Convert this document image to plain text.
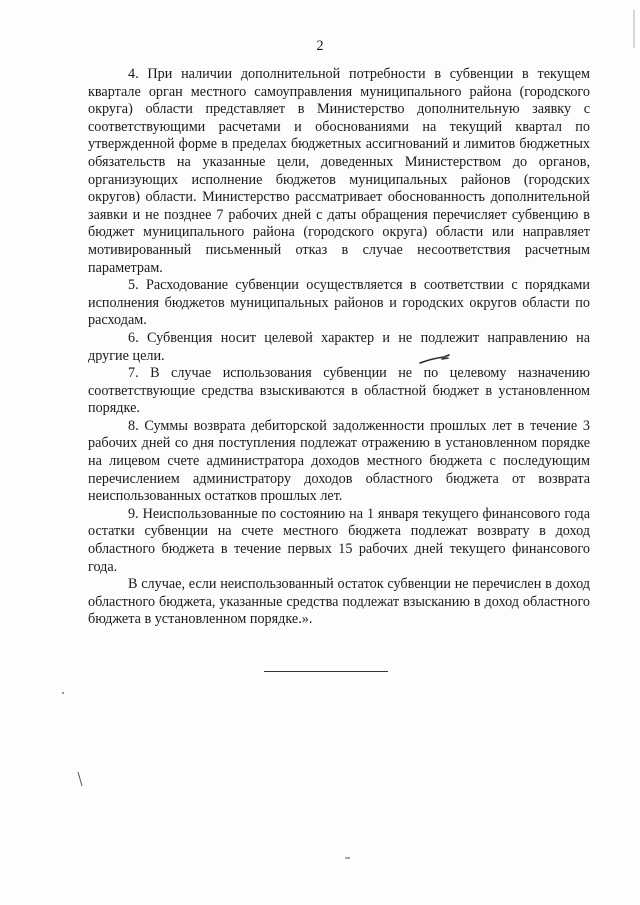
2

4. При наличии дополнительной потребности в субвенции в текущем квартале орган местного самоуправления муниципального района (городского округа) области представляет в Министерство дополнительную заявку с соответствующими расчетами и обоснованиями на текущий квартал по утвержденной форме в пределах бюджетных ассигнований и лимитов бюджетных обязательств на указанные цели, доведенных Министерством до органов, организующих исполнение бюджетов муниципальных районов (городских округов) области. Министерство рассматривает обоснованность дополнительной заявки и не позднее 7 рабочих дней с даты обращения перечисляет субвенцию в бюджет муниципального района (городского округа) области или направляет мотивированный письменный отказ в случае несоответствия расчетным параметрам.

5. Расходование субвенции осуществляется в соответствии с порядками исполнения бюджетов муниципальных районов и городских округов области по расходам.

6. Субвенция носит целевой характер и не подлежит направлению на другие цели.

7. В случае использования субвенции не по целевому назначению соответствующие средства взыскиваются в областной бюджет в установленном порядке.

8. Суммы возврата дебиторской задолженности прошлых лет в течение 3 рабочих дней со дня поступления подлежат отражению в установленном порядке на лицевом счете администратора доходов местного бюджета с последующим перечислением администратору доходов областного бюджета от возврата неиспользованных остатков прошлых лет.

9. Неиспользованные по состоянию на 1 января текущего финансового года остатки субвенции на счете местного бюджета подлежат возврату в доход областного бюджета в течение первых 15 рабочих дней текущего финансового года.

В случае, если неиспользованный остаток субвенции не перечислен в доход областного бюджета, указанные средства подлежат взысканию в доход областного бюджета в установленном порядке.».
